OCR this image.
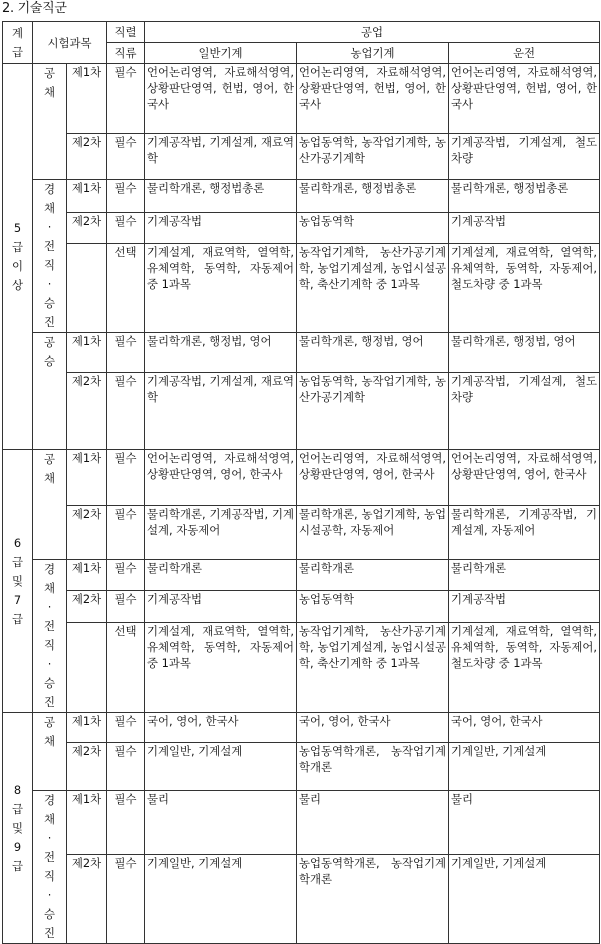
2. 기술직군
계급	시험과목		직렬	공업		
			직류	일반기계	농업기계	운전

5급이상	공채	제1차	필수	언어논리영역, 자료해석영역, 상황판단영역, 헌법, 영어, 한국사	언어논리영역, 자료해석영역, 상황판단영역, 헌법, 영어, 한국사	언어논리영역, 자료해석영역, 상황판단영역, 헌법, 영어, 한국사
		제2차	필수	기계공작법, 기계설계, 재료역학	농업동역학, 농작업기계학, 농산가공기계학	기계공작법, 기계설계, 철도차량

	경채·전직·승진	제1차	필수	물리학개론, 행정법총론	물리학개론, 행정법총론	물리학개론, 행정법총론
		제2차	필수	기계공작법	농업동역학	기계공작법
			선택	기계설계, 재료역학, 열역학, 유체역학, 동역학, 자동제어 중 1과목	농작업기계학, 농산가공기계학, 농업기계설계, 농업시설공학, 축산기계학 중 1과목	기계설계, 재료역학, 열역학, 유체역학, 동역학, 자동제어, 철도차량 중 1과목

	공승	제1차	필수	물리학개론, 행정법, 영어	물리학개론, 행정법, 영어	물리학개론, 행정법, 영어
		제2차	필수	기계공작법, 기계설계, 재료역학	농업동역학, 농작업기계학, 농산가공기계학	기계공작법, 기계설계, 철도차량

6급및7급	공채	제1차	필수	언어논리영역, 자료해석영역, 상황판단영역, 영어, 한국사	언어논리영역, 자료해석영역, 상황판단영역, 영어, 한국사	언어논리영역, 자료해석영역, 상황판단영역, 영어, 한국사
		제2차	필수	물리학개론, 기계공작법, 기계설계, 자동제어	물리학개론, 농업기계학, 농업시설공학, 자동제어	물리학개론, 기계공작법, 기계설계, 자동제어

	경채·전직·승진	제1차	필수	물리학개론	물리학개론	물리학개론
		제2차	필수	기계공작법	농업동역학	기계공작법
			선택	기계설계, 재료역학, 열역학, 유체역학, 동역학, 자동제어 중 1과목	농작업기계학, 농산가공기계학, 농업기계설계, 농업시설공학, 축산기계학 중 1과목	기계설계, 재료역학, 열역학, 유체역학, 동역학, 자동제어, 철도차량 중 1과목

8급및9급	공채	제1차	필수	국어, 영어, 한국사	국어, 영어, 한국사	국어, 영어, 한국사
		제2차	필수	기계일반, 기계설계	농업동역학개론, 농작업기계학개론	기계일반, 기계설계

	경채·전직·승진	제1차	필수	물리	물리	물리
		제2차	필수	기계일반, 기계설계	농업동역학개론, 농작업기계학개론	기계일반, 기계설계
